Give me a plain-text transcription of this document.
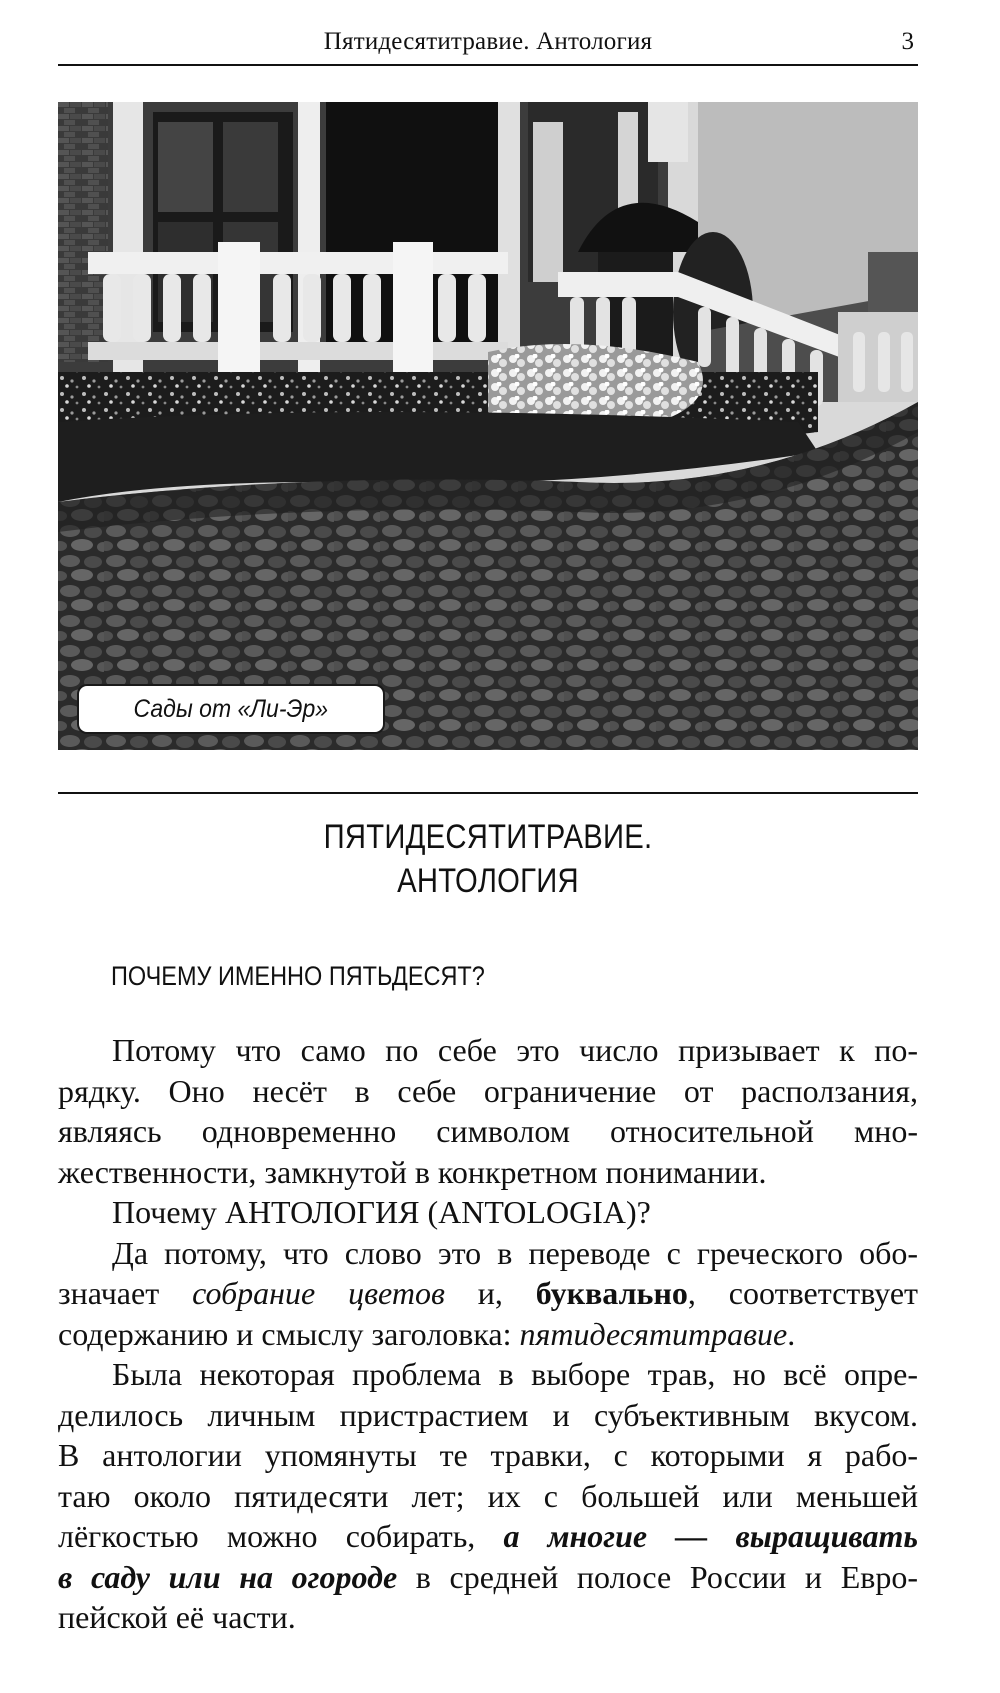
Пятидесятитравие. Антология	3
Сады от «Ли-Эр»
ПЯТИДЕСЯТИТРАВИЕ.
АНТОЛОГИЯ
ПОЧЕМУ ИМЕННО ПЯТЬДЕСЯТ?
Потому что само по себе это число призывает к по-
рядку. Оно несёт в себе ограничение от расползания,
являясь одновременно символом относительной мно-
жественности, замкнутой в конкретном понимании.
Почему АНТОЛОГИЯ (ANTOLOGIA)?
Да потому, что слово это в переводе с греческого обо-
значает собрание цветов и, буквально, соответствует
содержанию и смыслу заголовка: пятидесятитравие.
Была некоторая проблема в выборе трав, но всё опре-
делилось личным пристрастием и субъективным вкусом.
В антологии упомянуты те травки, с которыми я рабо-
таю около пятидесяти лет; их с большей или меньшей
лёгкостью можно собирать, а многие — выращивать
в саду или на огороде в средней полосе России и Евро-
пейской её части.
